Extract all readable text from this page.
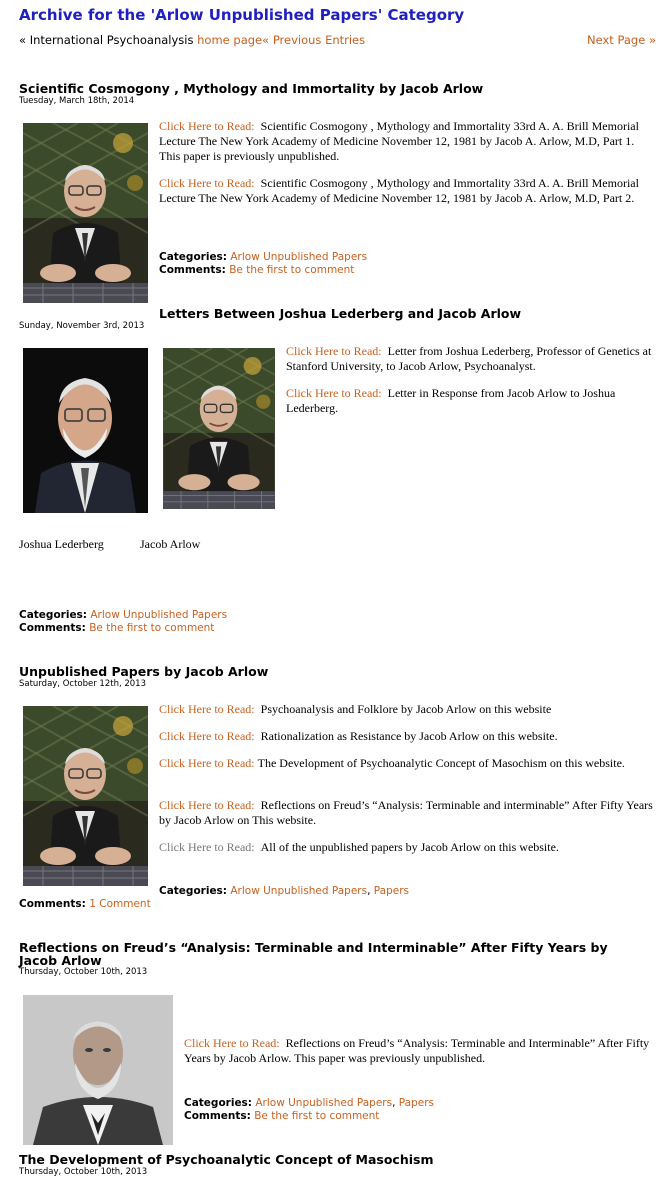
Archive for the 'Arlow Unpublished Papers' Category
« International Psychoanalysis home page« Previous Entries	Next Page »
Scientific Cosmogony , Mythology and Immortality by Jacob Arlow
Tuesday, March 18th, 2014
Click Here to Read: Scientific Cosmogony , Mythology and Immortality 33rd A. A. Brill Memorial Lecture The New York Academy of Medicine November 12, 1981 by Jacob A. Arlow, M.D, Part 1. This paper is previously unpublished.
Click Here to Read: Scientific Cosmogony , Mythology and Immortality 33rd A. A. Brill Memorial Lecture The New York Academy of Medicine November 12, 1981 by Jacob A. Arlow, M.D, Part 2.
Categories: Arlow Unpublished Papers
Comments: Be the first to comment
Letters Between Joshua Lederberg and Jacob Arlow
Sunday, November 3rd, 2013
Click Here to Read: Letter from Joshua Lederberg, Professor of Genetics at Stanford University, to Jacob Arlow, Psychoanalyst.
Click Here to Read: Letter in Response from Jacob Arlow to Joshua Lederberg.
Joshua Lederberg	Jacob Arlow
Categories: Arlow Unpublished Papers
Comments: Be the first to comment
Unpublished Papers by Jacob Arlow
Saturday, October 12th, 2013
Click Here to Read: Psychoanalysis and Folklore by Jacob Arlow on this website
Click Here to Read: Rationalization as Resistance by Jacob Arlow on this website.
Click Here to Read: The Development of Psychoanalytic Concept of Masochism on this website.
Click Here to Read: Reflections on Freud’s “Analysis: Terminable and interminable” After Fifty Years by Jacob Arlow on This website.
Click Here to Read: All of the unpublished papers by Jacob Arlow on this website.
Categories: Arlow Unpublished Papers, Papers
Comments: 1 Comment
Reflections on Freud’s “Analysis: Terminable and Interminable” After Fifty Years by Jacob Arlow
Thursday, October 10th, 2013
Click Here to Read: Reflections on Freud’s “Analysis: Terminable and Interminable” After Fifty Years by Jacob Arlow. This paper was previously unpublished.
Categories: Arlow Unpublished Papers, Papers
Comments: Be the first to comment
The Development of Psychoanalytic Concept of Masochism
Thursday, October 10th, 2013
